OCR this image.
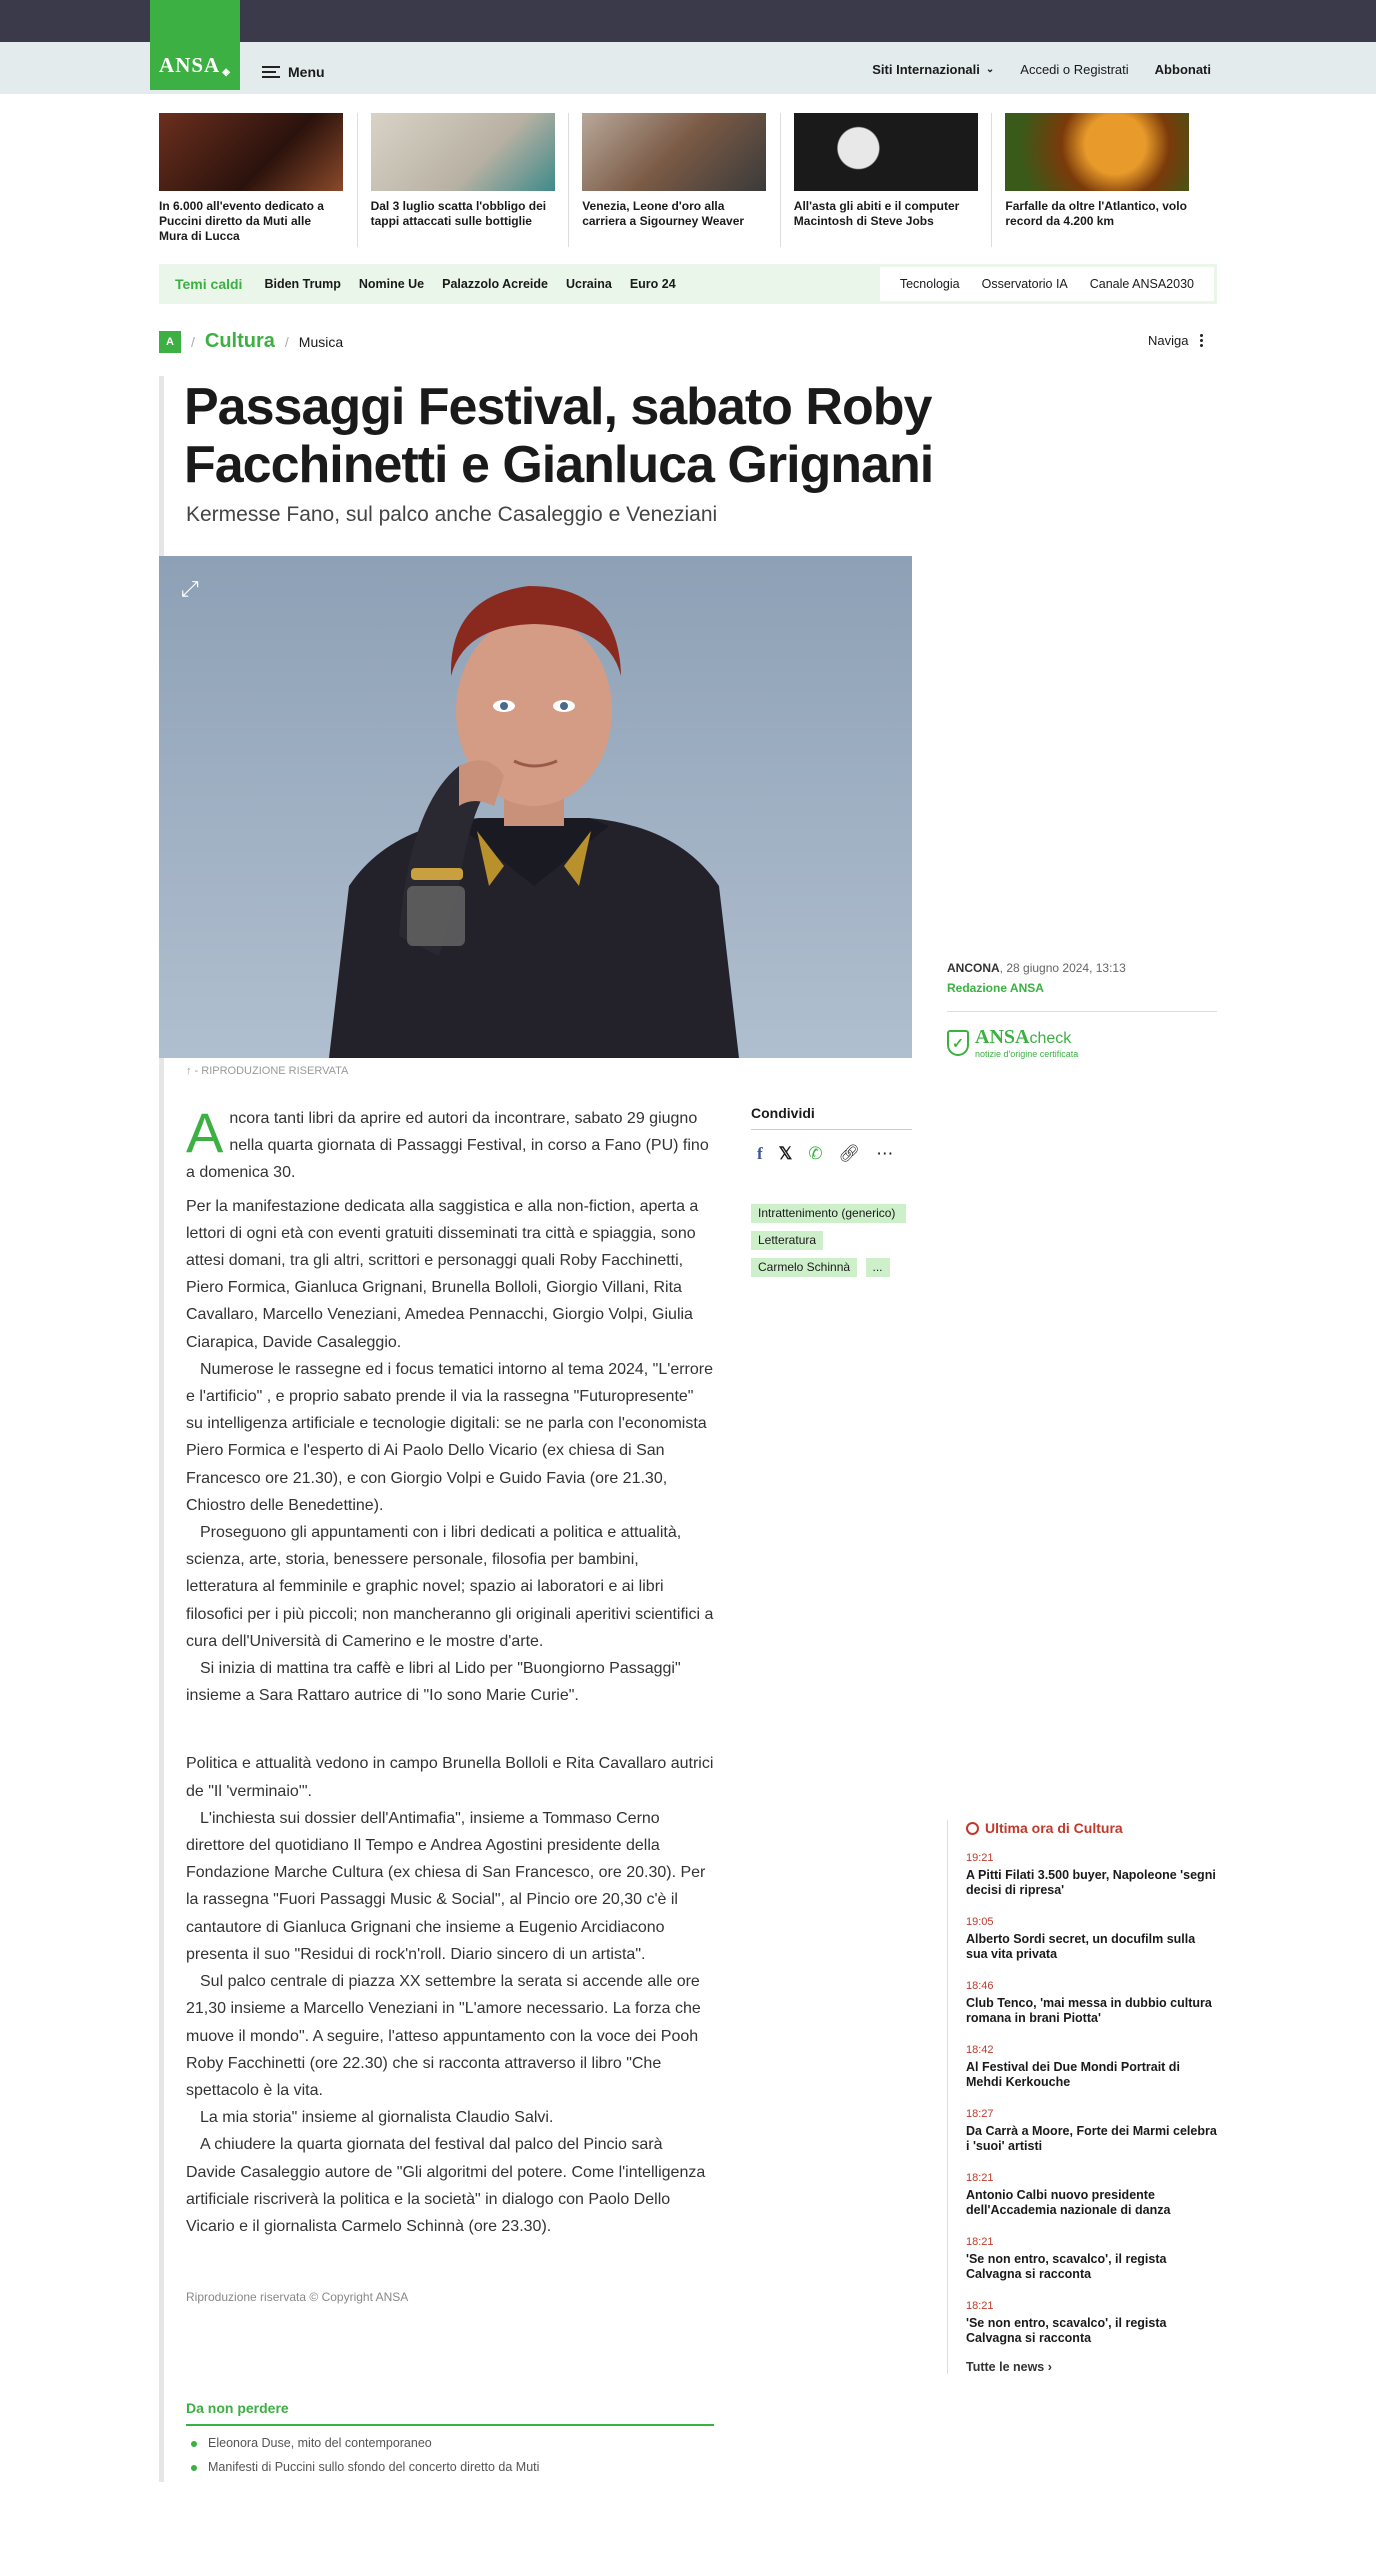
ANSA ◈	Menu	Siti Internazionali ⌄ Accedi o Registrati Abbonati
In 6.000 all'evento dedicato a Puccini diretto da Muti alle Mura di Lucca
Dal 3 luglio scatta l'obbligo dei tappi attaccati sulle bottiglie
Venezia, Leone d'oro alla carriera a Sigourney Weaver
All'asta gli abiti e il computer Macintosh di Steve Jobs
Farfalle da oltre l'Atlantico, volo record da 4.200 km
Temi caldi Biden Trump Nomine Ue Palazzolo Acreide Ucraina Euro 24	Tecnologia Osservatorio IA Canale ANSA2030
A	/ Cultura / Musica	Naviga
Passaggi Festival, sabato Roby Facchinetti e Gianluca Grignani
Kermesse Fano, sul palco anche Casaleggio e Veneziani
⤢
↑ - RIPRODUZIONE RISERVATA
ANCONA, 28 giugno 2024, 13:13
Redazione ANSA
✓ ANSAcheck
notizie d'origine certificata

Ancora tanti libri da aprire ed autori da incontrare, sabato 29 giugno nella quarta giornata di Passaggi Festival, in corso a Fano (PU) fino a domenica 30.

Per la manifestazione dedicata alla saggistica e alla non-fiction, aperta a lettori di ogni età con eventi gratuiti disseminati tra città e spiaggia, sono attesi domani, tra gli altri, scrittori e personaggi quali Roby Facchinetti, Piero Formica, Gianluca Grignani, Brunella Bolloli, Giorgio Villani, Rita Cavallaro, Marcello Veneziani, Amedea Pennacchi, Giorgio Volpi, Giulia Ciarapica, Davide Casaleggio.

Numerose le rassegne ed i focus tematici intorno al tema 2024, "L'errore e l'artificio" , e proprio sabato prende il via la rassegna "Futuropresente" su intelligenza artificiale e tecnologie digitali: se ne parla con l'economista Piero Formica e l'esperto di Ai Paolo Dello Vicario (ex chiesa di San Francesco ore 21.30), e con Giorgio Volpi e Guido Favia (ore 21.30, Chiostro delle Benedettine).

Proseguono gli appuntamenti con i libri dedicati a politica e attualità, scienza, arte, storia, benessere personale, filosofia per bambini, letteratura al femminile e graphic novel; spazio ai laboratori e ai libri filosofici per i più piccoli; non mancheranno gli originali aperitivi scientifici a cura dell'Università di Camerino e le mostre d'arte.

Si inizia di mattina tra caffè e libri al Lido per "Buongiorno Passaggi" insieme a Sara Rattaro autrice di "Io sono Marie Curie".

Politica e attualità vedono in campo Brunella Bolloli e Rita Cavallaro autrici de "Il 'verminaio'".

L'inchiesta sui dossier dell'Antimafia", insieme a Tommaso Cerno direttore del quotidiano Il Tempo e Andrea Agostini presidente della Fondazione Marche Cultura (ex chiesa di San Francesco, ore 20.30). Per la rassegna "Fuori Passaggi Music & Social", al Pincio ore 20,30 c'è il cantautore di Gianluca Grignani che insieme a Eugenio Arcidiacono presenta il suo "Residui di rock'n'roll. Diario sincero di un artista".

Sul palco centrale di piazza XX settembre la serata si accende alle ore 21,30 insieme a Marcello Veneziani in "L'amore necessario. La forza che muove il mondo". A seguire, l'atteso appuntamento con la voce dei Pooh Roby Facchinetti (ore 22.30) che si racconta attraverso il libro "Che spettacolo è la vita.

La mia storia" insieme al giornalista Claudio Salvi.

A chiudere la quarta giornata del festival dal palco del Pincio sarà Davide Casaleggio autore de "Gli algoritmi del potere. Come l'intelligenza artificiale riscriverà la politica e la società" in dialogo con Paolo Dello Vicario e il giornalista Carmelo Schinnà (ore 23.30).

Riproduzione riservata © Copyright ANSA
Condividi
f 𝕏 ✆ 🔗︎ ⋯
Intrattenimento (generico) Letteratura
Carmelo Schinnà ...
Da non perdere
Eleonora Duse, mito del contemporaneo
Manifesti di Puccini sullo sfondo del concerto diretto da Muti
Ultima ora di Cultura
19:21
A Pitti Filati 3.500 buyer, Napoleone 'segni decisi di ripresa'
19:05
Alberto Sordi secret, un docufilm sulla sua vita privata
18:46
Club Tenco, 'mai messa in dubbio cultura romana in brani Piotta'
18:42
Al Festival dei Due Mondi Portrait di Mehdi Kerkouche
18:27
Da Carrà a Moore, Forte dei Marmi celebra i 'suoi' artisti
18:21
Antonio Calbi nuovo presidente dell'Accademia nazionale di danza
18:21
'Se non entro, scavalco', il regista Calvagna si racconta
18:21
'Se non entro, scavalco', il regista Calvagna si racconta
Tutte le news ›
